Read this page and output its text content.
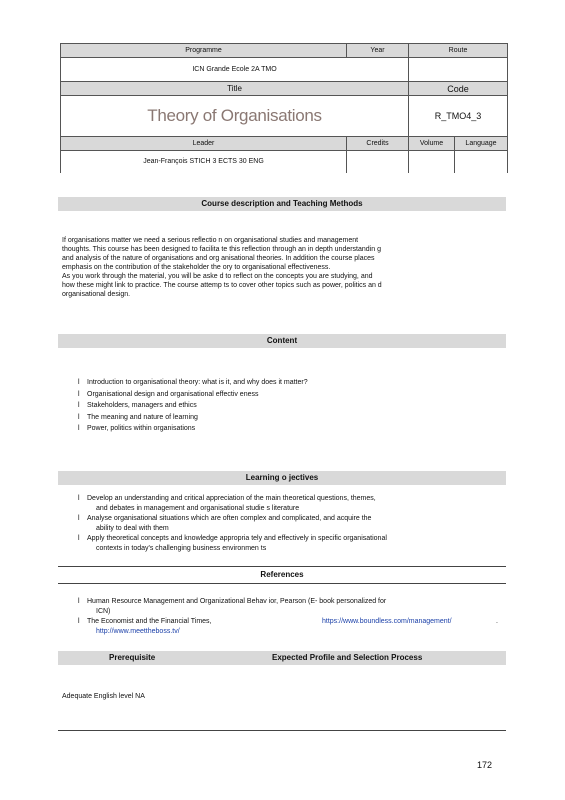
Programme	Year	Route	
ICN Grande Ecole 2A TMO			
Title		Code	
Theory of Organisations		R_TMO4_3	
Leader	Credits	Volume	Language
Jean-François STICH 3 ECTS 30 ENG			
Course description and Teaching Methods
If organisations matter we need a serious reflectio n on organisational studies and management
thoughts. This course has been designed to facilita te this reflection through an in depth understandin g
and analysis of the nature of organisations and org anisational theories. In addition the course places
emphasis on the contribution of the stakeholder the ory to organisational effectiveness.
As you work through the material, you will be aske d to reflect on the concepts you are studying, and
how these might link to practice. The course attemp ts to cover other topics such as power, politics an d
organisational design.
Content
l Introduction to organisational theory: what is it, and why does it matter?
l Organisational design and organisational effectiv eness
l Stakeholders, managers and ethics
l The meaning and nature of learning
l Power, politics within organisations
Learning o jectives
l Develop an understanding and critical appreciation of the main theoretical questions, themes,
and debates in management and organisational studie s literature
l Analyse organisational situations which are often complex and complicated, and acquire the
ability to deal with them
l Apply theoretical concepts and knowledge appropria tely and effectively in specific organisational
contexts in today's challenging business environmen ts
References
l Human Resource Management and Organizational Behav ior, Pearson (E- book personalized for
ICN)
l The Economist and the Financial Times,	https://www.boundless.com/management/	.
http://www.meettheboss.tv/
Prerequisite	Expected Profile and Selection Process
Adequate English level NA
172
